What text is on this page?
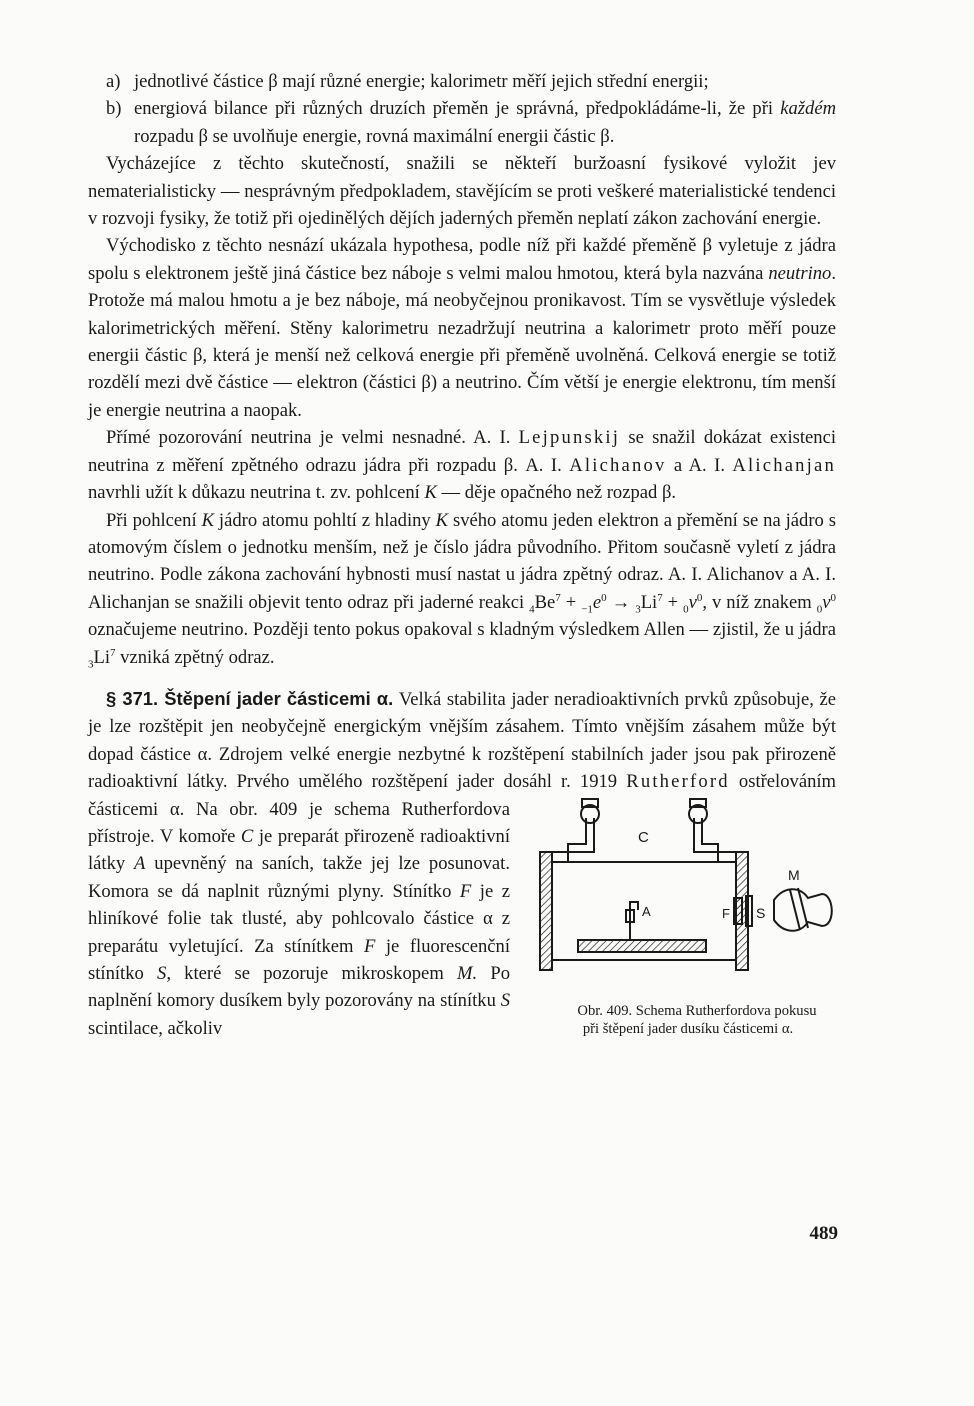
a) jednotlivé částice β mají různé energie; kalorimetr měří jejich střední energii;

b) energiová bilance při různých druzích přeměn je správná, předpokládáme-li, že při každém rozpadu β se uvolňuje energie, rovná maximální energii částic β.

Vycházejíce z těchto skutečností, snažili se někteří buržoasní fysikové vyložit jev nematerialisticky — nesprávným předpokladem, stavějícím se proti veškeré materialistické tendenci v rozvoji fysiky, že totiž při ojedinělých dějích jaderných přeměn neplatí zákon zachování energie.

Východisko z těchto nesnází ukázala hypothesa, podle níž při každé přeměně β vyletuje z jádra spolu s elektronem ještě jiná částice bez náboje s velmi malou hmotou, která byla nazvána neutrino. Protože má malou hmotu a je bez náboje, má neobyčejnou pronikavost. Tím se vysvětluje výsledek kalorimetrických měření. Stěny kalorimetru nezadržují neutrina a kalorimetr proto měří pouze energii částic β, která je menší než celková energie při přeměně uvolněná. Celková energie se totiž rozdělí mezi dvě částice — elektron (částici β) a neutrino. Čím větší je energie elektronu, tím menší je energie neutrina a naopak.

Přímé pozorování neutrina je velmi nesnadné. A. I. Lejpunskij se snažil dokázat existenci neutrina z měření zpětného odrazu jádra při rozpadu β. A. I. Alichanov a A. I. Alichanjan navrhli užít k důkazu neutrina t. zv. pohlcení K — děje opačného než rozpad β.

Při pohlcení K jádro atomu pohltí z hladiny K svého atomu jeden elektron a přemění se na jádro s atomovým číslem o jednotku menším, než je číslo jádra původního. Přitom současně vyletí z jádra neutrino. Podle zákona zachování hybnosti musí nastat u jádra zpětný odraz. A. I. Alichanov a A. I. Alichanjan se snažili objevit tento odraz při jaderné reakci $_4Be^7 + _{-1}e^0 \to _3Li^7 + _0\nu^0$, v níž znakem $_0\nu^0$ označujeme neutrino. Později tento pokus opakoval s kladným výsledkem Allen — zjistil, že u jádra $_3Li^7$ vzniká zpětný odraz.

§ 371. Štěpení jader částicemi α. Velká stabilita jader neradioaktivních prvků způsobuje, že je lze rozštěpit jen neobyčejně energickým vnějším zásahem. Tímto vnějším zásahem může být dopad částice α. Zdrojem velké energie nezbytné k rozštěpení stabilních jader jsou pak přirozeně radioaktivní látky. Prvého umělého rozštěpení jader dosáhl r. 1919
C
A	F S
M
Obr. 409. Schema Rutherfordova pokusu
při štěpení jader dusíku částicemi α.
Rutherford ostřelováním částicemi α. Na obr. 409 je schema Rutherfordova přístroje. V komoře C je preparát přirozeně radioaktivní látky A upevněný na saních, takže jej lze posunovat. Komora se dá naplnit různými plyny. Stínítko F je z hliníkové folie tak tlusté, aby pohlcovalo částice α z preparátu vyletující. Za stínítkem F je fluorescenční stínítko S, které se pozoruje mikroskopem M. Po naplnění komory dusíkem byly pozorovány na stínítku S scintilace, ačkoliv

489
